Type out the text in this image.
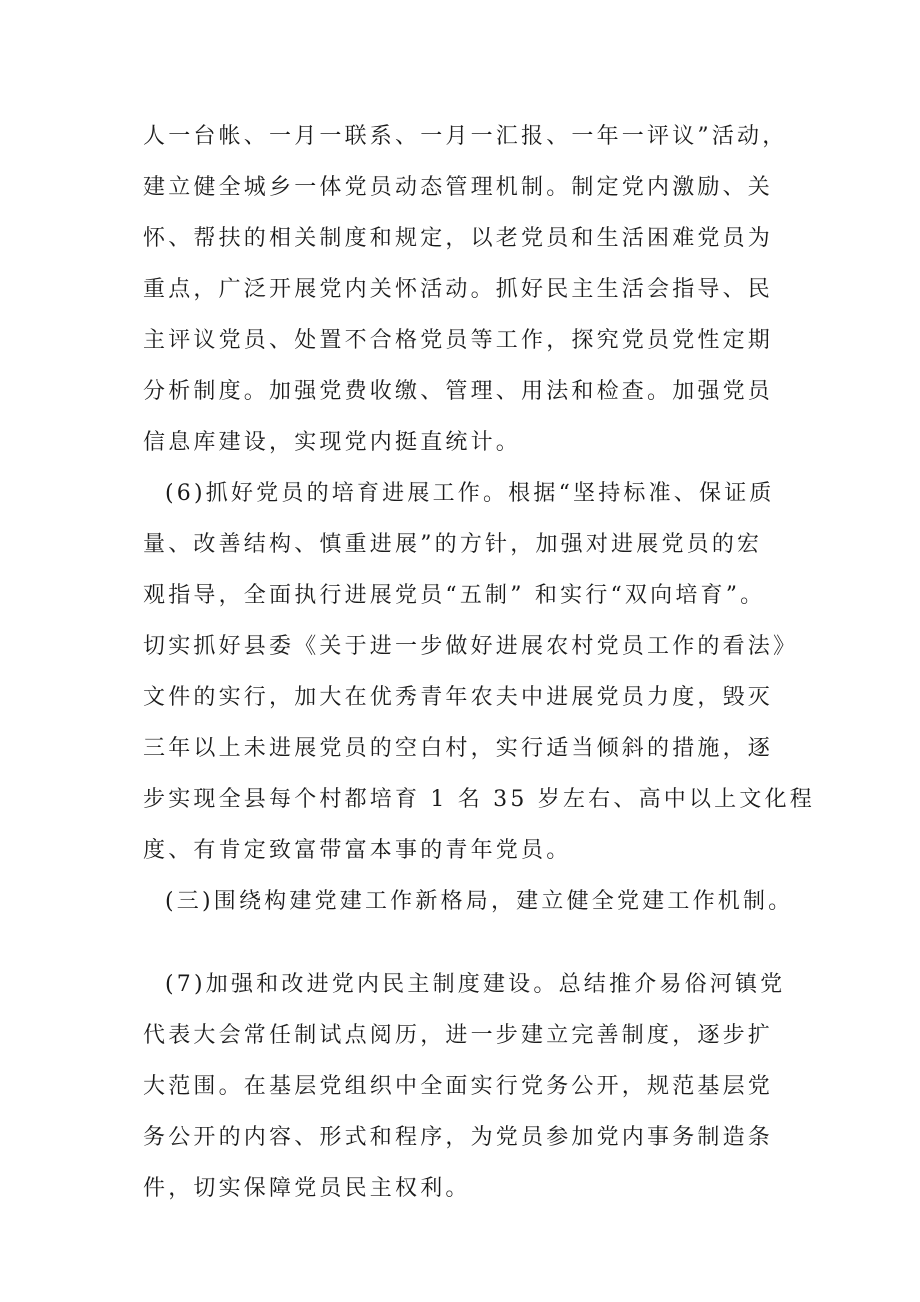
人一台帐、一月一联系、一月一汇报、一年一评议”活动，
建立健全城乡一体党员动态管理机制。制定党内激励、关
怀、帮扶的相关制度和规定，以老党员和生活困难党员为
重点，广泛开展党内关怀活动。抓好民主生活会指导、民
主评议党员、处置不合格党员等工作，探究党员党性定期
分析制度。加强党费收缴、管理、用法和检查。加强党员
信息库建设，实现党内挺直统计。
(6)抓好党员的培育进展工作。根据“坚持标准、保证质
量、改善结构、慎重进展”的方针，加强对进展党员的宏
观指导，全面执行进展党员“五制” 和实行“双向培育”。
切实抓好县委《关于进一步做好进展农村党员工作的看法》
文件的实行，加大在优秀青年农夫中进展党员力度，毁灭
三年以上未进展党员的空白村，实行适当倾斜的措施，逐
步实现全县每个村都培育 1 名 35 岁左右、高中以上文化程
度、有肯定致富带富本事的青年党员。
(三)围绕构建党建工作新格局，建立健全党建工作机制。
(7)加强和改进党内民主制度建设。总结推介易俗河镇党
代表大会常任制试点阅历，进一步建立完善制度，逐步扩
大范围。在基层党组织中全面实行党务公开，规范基层党
务公开的内容、形式和程序，为党员参加党内事务制造条
件，切实保障党员民主权利。
